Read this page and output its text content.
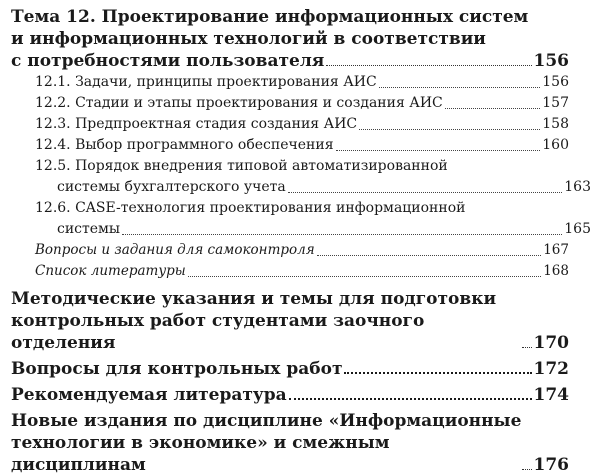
Тема 12. Проектирование информационных систем
и информационных технологий в соответствии
с потребностями пользователя	156
12.1. Задачи, принципы проектирования АИС	156
12.2. Стадии и этапы проектирования и создания АИС	157
12.3. Предпроектная стадия создания АИС	158
12.4. Выбор программного обеспечения	160
12.5. Порядок внедрения типовой автоматизированной
системы бухгалтерского учета	163
12.6. CASE-технология проектирования информационной
системы	165
Вопросы и задания для самоконтроля	167
Список литературы	168
Методические указания и темы для подготовки
контрольных работ студентами заочного отделения	170
Вопросы для контрольных работ	172
Рекомендуемая литература	174
Новые издания по дисциплине «Информационные
технологии в экономике» и смежным дисциплинам	176
